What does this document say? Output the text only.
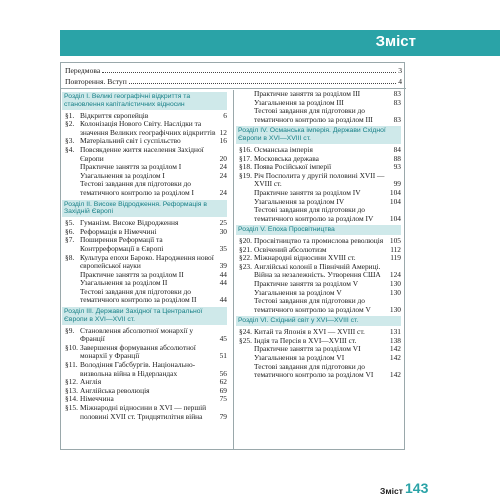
Зміст
Передмова	3
Повторення. Вступ	4
Розділ I. Великі географічні відкриття та становлення капіталістичних відносин
§1. Відкриття європейців	6
§2. Колонізація Нового Світу. Наслідки та значення Великих географічних відкриттів 12
§3. Матеріальний світ і суспільство	16
§4. Повсякденне життя населення Західної Європи	20
Практичне заняття за розділом I	24
Узагальнення за розділом I	24
Тестові завдання для підготовки до тематичного контролю за розділом I	24
Розділ II. Високе Відродження. Реформація в Західній Європі
§5. Гуманізм. Високе Відродження	25
§6. Реформація в Німеччині	30
§7. Поширення Реформації та Контрреформації в Європі	35
§8. Культура епохи Бароко. Народження нової європейської науки	39
Практичне заняття за розділом II	44
Узагальнення за розділом II	44
Тестові завдання для підготовки до тематичного контролю за розділом II	44
Розділ III. Держави Західної та Центральної Європи в XVI—XVII ст.
§9. Становлення абсолютної монархії у Франції	45
§10. Завершення формування абсолютної монархії у Франції	51
§11. Володіння Габсбургів. Національно-визвольна війна в Нідерландах	56
§12. Англія	62
§13. Англійська революція	69
§14. Німеччина	75
§15. Міжнародні відносини в XVI — першій половині XVII ст. Тридцятилітня війна	79
Практичне заняття за розділом III	83
Узагальнення за розділом III	83
Тестові завдання для підготовки до тематичного контролю за розділом III	83
Розділ IV. Османська імперія. Держави Східної Європи в XVI—XVIII ст.
§16. Османська імперія	84
§17. Московська держава	88
§18. Поява Російської імперії	93
§19. Річ Посполита у другій половині XVII — XVIII ст.	99
Практичне заняття за розділом IV	104
Узагальнення за розділом IV	104
Тестові завдання для підготовки до тематичного контролю за розділом IV	104
Розділ V. Епоха Просвітництва
§20. Просвітництво та промислова революція 105
§21. Освічений абсолютизм	112
§22. Міжнародні відносини XVIII ст.	119
§23. Англійські колонії в Північній Америці. Війна за незалежність. Утворення США	124
Практичне заняття за розділом V	130
Узагальнення за розділом V	130
Тестові завдання для підготовки до тематичного контролю за розділом V	130
Розділ VI. Східний світ у XVI—XVIII ст.
§24. Китай та Японія в XVI — XVIII ст.	131
§25. Індія та Персія в XVI—XVIII ст.	138
Практичне заняття за розділом VI	142
Узагальнення за розділом VI	142
Тестові завдання для підготовки до тематичного контролю за розділом VI	142
Зміст 143
